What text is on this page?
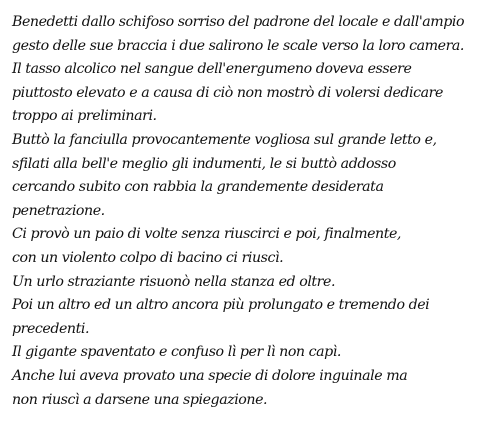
Benedetti dallo schifoso sorriso del padrone del locale e dall'ampio

gesto delle sue braccia i due salirono le scale verso la loro camera.

Il tasso alcolico nel sangue dell'energumeno doveva essere

piuttosto elevato e a causa di ciò non mostrò di volersi dedicare

troppo ai preliminari.

Buttò la fanciulla provocantemente vogliosa sul grande letto e,

sfilati alla bell'e meglio gli indumenti, le si buttò addosso

cercando subito con rabbia la grandemente desiderata

penetrazione.

Ci provò un paio di volte senza riuscirci e poi, finalmente,

con un violento colpo di bacino ci riuscì.

Un urlo straziante risuonò nella stanza ed oltre.

Poi un altro ed un altro ancora più prolungato e tremendo dei

precedenti.

Il gigante spaventato e confuso lì per lì non capì.

Anche lui aveva provato una specie di dolore inguinale ma

non riuscì a darsene una spiegazione.
